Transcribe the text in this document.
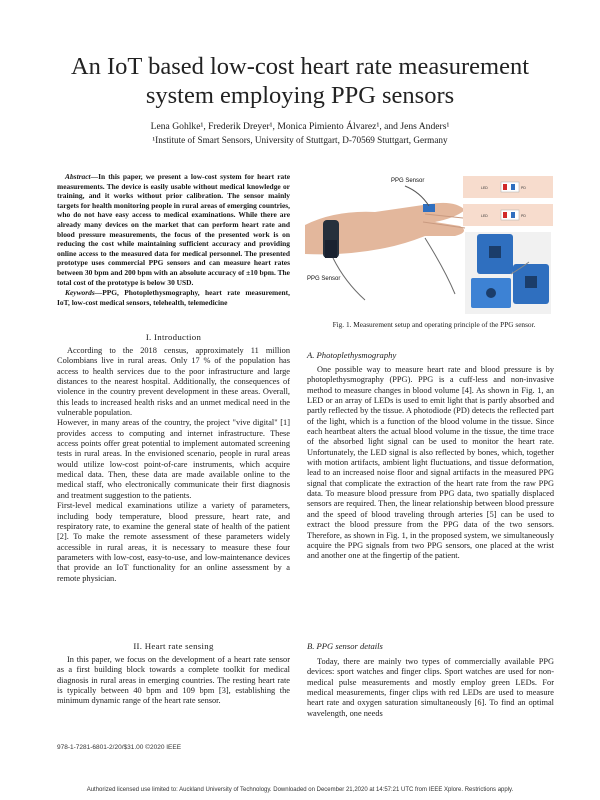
An IoT based low-cost heart rate measurement
system employing PPG sensors
Lena Gohlke¹, Frederik Dreyer¹, Monica Pimiento Álvarez¹, and Jens Anders¹
¹Institute of Smart Sensors, University of Stuttgart, D-70569 Stuttgart, Germany

Abstract—In this paper, we present a low-cost system for heart rate measurements. The device is easily usable without medical knowledge or training, and it works without prior calibration. The sensor mainly targets for health monitoring people in rural areas of emerging countries, who do not have easy access to medical examinations. While there are already many devices on the market that can perform heart rate and blood pressure measurements, the focus of the presented work is on reducing the cost while maintaining sufficient accuracy and providing online access to the measured data for medical personnel. The presented prototype uses commercial PPG sensors and can measure heart rates between 30 bpm and 200 bpm with an absolute accuracy of ±10 bpm. The total cost of the prototype is below 30 USD.

Keywords—PPG, Photoplethysmography, heart rate measurement, IoT, low-cost medical sensors, telehealth, telemedicine

PPG Sensor
PPG Sensor
LED	PD
LED	PD
Fig. 1. Measurement setup and operating principle of the PPG sensor.
I. Introduction

According to the 2018 census, approximately 11 million Colombians live in rural areas. Only 17 % of the population has access to health services due to the poor infrastructure and large distances to the nearest hospital. Additionally, the consequences of violence in the country prevent development in these areas. Overall, this leads to increased health risks and an unmet medical need in the vulnerable population.

However, in many areas of the country, the project "vive digital" [1] provides access to computing and internet infrastructure. These access points offer great potential to implement automated screening tests in rural areas. In the envisioned scenario, people in rural areas would utilize low-cost point-of-care instruments, which acquire medical data. Then, these data are made available online to the medical staff, who electronically communicate their first diagnosis and treatment suggestion to the patients.

First-level medical examinations utilize a variety of parameters, including body temperature, blood pressure, heart rate, and respiratory rate, to examine the general state of health of the patient [2]. To make the remote assessment of these parameters widely accessible in rural areas, it is necessary to measure these four parameters with low-cost, easy-to-use, and low-maintenance devices that provide an IoT functionality for an online assessment by a remote physician.

II. Heart rate sensing

In this paper, we focus on the development of a heart rate sensor as a first building block towards a complete toolkit for medical diagnosis in rural areas in emerging countries. The resting heart rate is typically between 40 bpm and 109 bpm [3], establishing the minimum dynamic range of the heart rate sensor.

A. Photoplethysmography

One possible way to measure heart rate and blood pressure is by photoplethysmography (PPG). PPG is a cuff-less and non-invasive method to measure changes in blood volume [4]. As shown in Fig. 1, an LED or an array of LEDs is used to emit light that is partly absorbed and partly reflected by the tissue. A photodiode (PD) detects the reflected part of the light, which is a function of the blood volume in the tissue. Since each heartbeat alters the actual blood volume in the tissue, the time trace of the absorbed light signal can be used to monitor the heart rate. Unfortunately, the LED signal is also reflected by bones, which, together with motion artifacts, ambient light fluctuations, and tissue deformation, lead to an increased noise floor and signal artifacts in the measured PPG signal that complicate the extraction of the heart rate from the raw PPG data. To measure blood pressure from PPG data, two spatially displaced sensors are required. Then, the linear relationship between blood pressure and the speed of blood traveling through arteries [5] can be used to extract the blood pressure from the PPG data of the two sensors. Therefore, as shown in Fig. 1, in the proposed system, we simultaneously acquire the PPG signals from two PPG sensors, one placed at the wrist and another one at the fingertip of the patient.

B. PPG sensor details

Today, there are mainly two types of commercially available PPG devices: sport watches and finger clips. Sport watches are used for non-medical pulse measurements and mostly employ green LEDs. For medical measurements, finger clips with red LEDs are used to measure heart rate and oxygen saturation simultaneously [6]. To find an optimal wavelength, one needs

978-1-7281-6801-2/20/$31.00 ©2020 IEEE
Authorized licensed use limited to: Auckland University of Technology. Downloaded on December 21,2020 at 14:57:21 UTC from IEEE Xplore. Restrictions apply.
